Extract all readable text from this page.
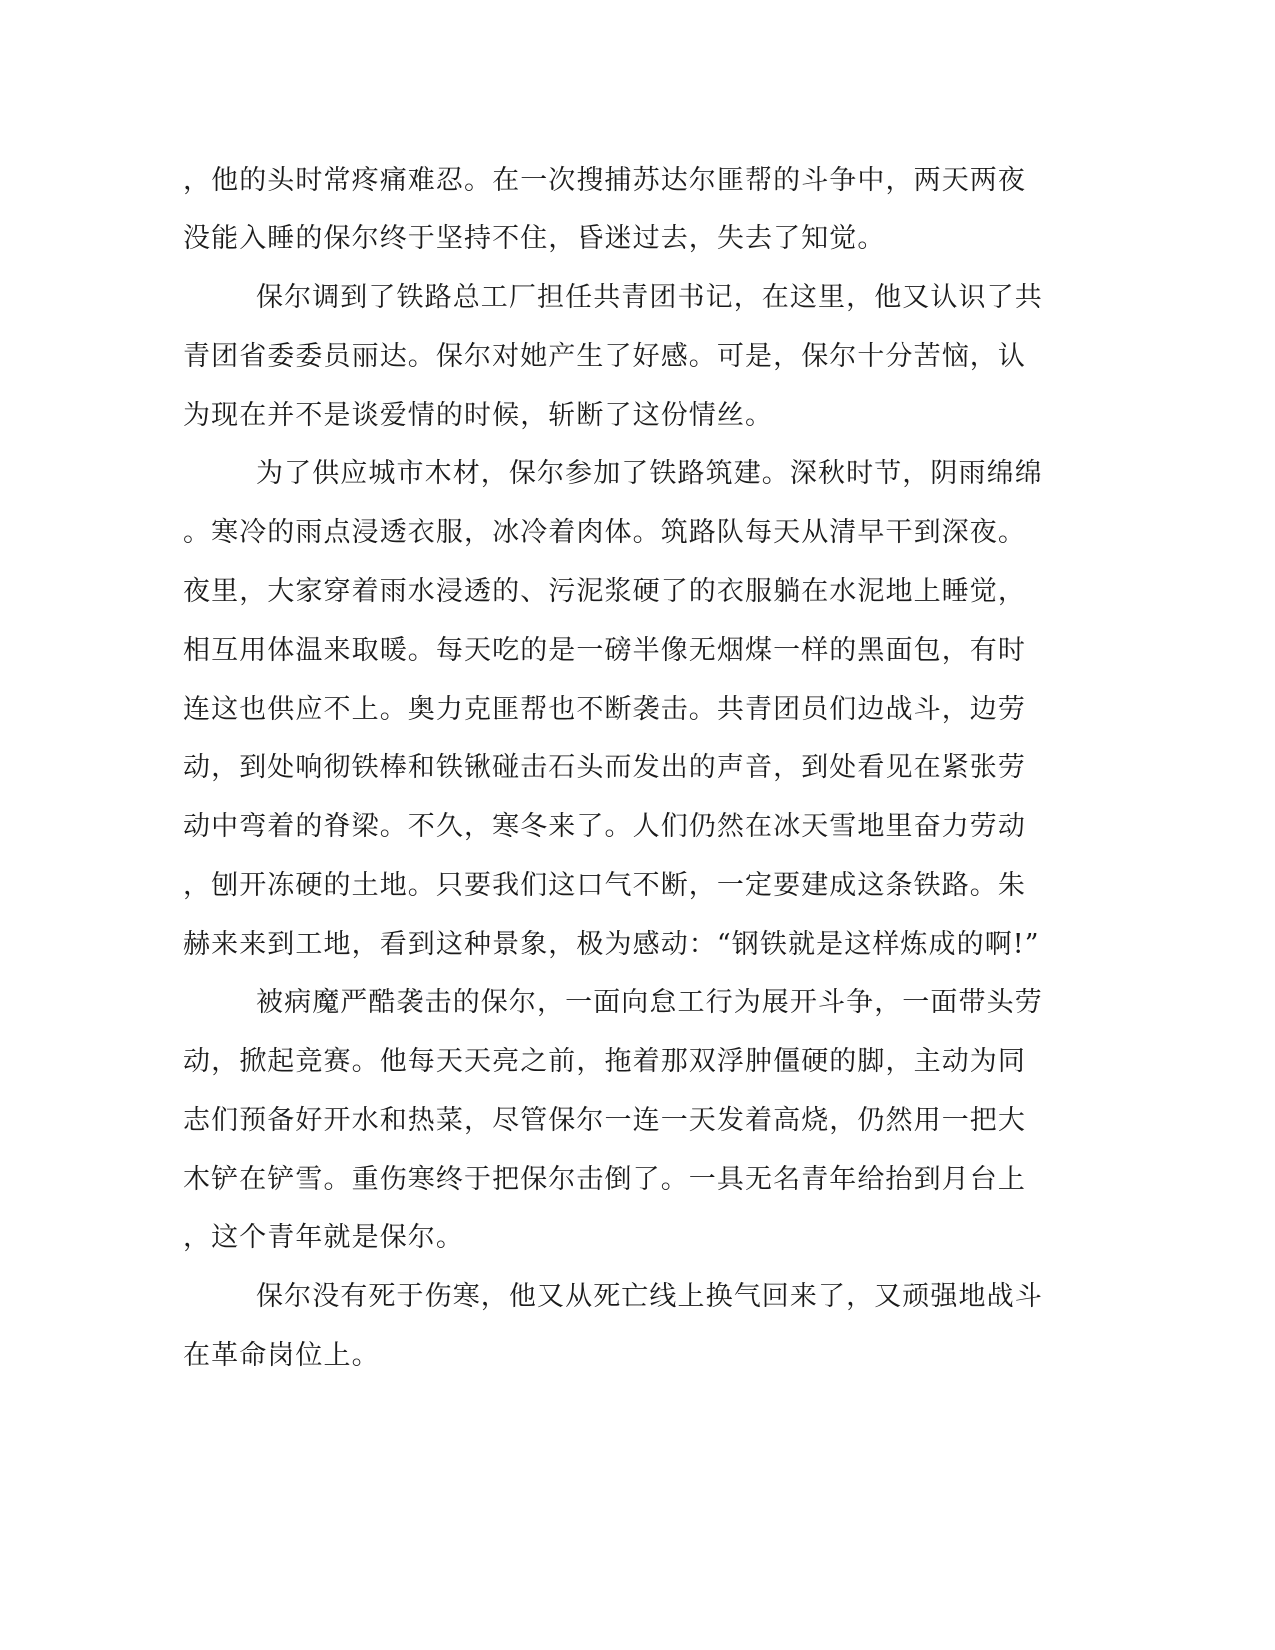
，他的头时常疼痛难忍。在一次搜捕苏达尔匪帮的斗争中，两天两夜
没能入睡的保尔终于坚持不住，昏迷过去，失去了知觉。
保尔调到了铁路总工厂担任共青团书记，在这里，他又认识了共
青团省委委员丽达。保尔对她产生了好感。可是，保尔十分苦恼，认
为现在并不是谈爱情的时候，斩断了这份情丝。
为了供应城市木材，保尔参加了铁路筑建。深秋时节，阴雨绵绵
。寒冷的雨点浸透衣服，冰冷着肉体。筑路队每天从清早干到深夜。
夜里，大家穿着雨水浸透的、污泥浆硬了的衣服躺在水泥地上睡觉，
相互用体温来取暖。每天吃的是一磅半像无烟煤一样的黑面包，有时
连这也供应不上。奥力克匪帮也不断袭击。共青团员们边战斗，边劳
动，到处响彻铁棒和铁锹碰击石头而发出的声音，到处看见在紧张劳
动中弯着的脊梁。不久，寒冬来了。人们仍然在冰天雪地里奋力劳动
，刨开冻硬的土地。只要我们这口气不断，一定要建成这条铁路。朱
赫来来到工地，看到这种景象，极为感动：“钢铁就是这样炼成的啊!”
被病魔严酷袭击的保尔，一面向怠工行为展开斗争，一面带头劳
动，掀起竞赛。他每天天亮之前，拖着那双浮肿僵硬的脚，主动为同
志们预备好开水和热菜，尽管保尔一连一天发着高烧，仍然用一把大
木铲在铲雪。重伤寒终于把保尔击倒了。一具无名青年给抬到月台上
，这个青年就是保尔。
保尔没有死于伤寒，他又从死亡线上换气回来了，又顽强地战斗
在革命岗位上。
